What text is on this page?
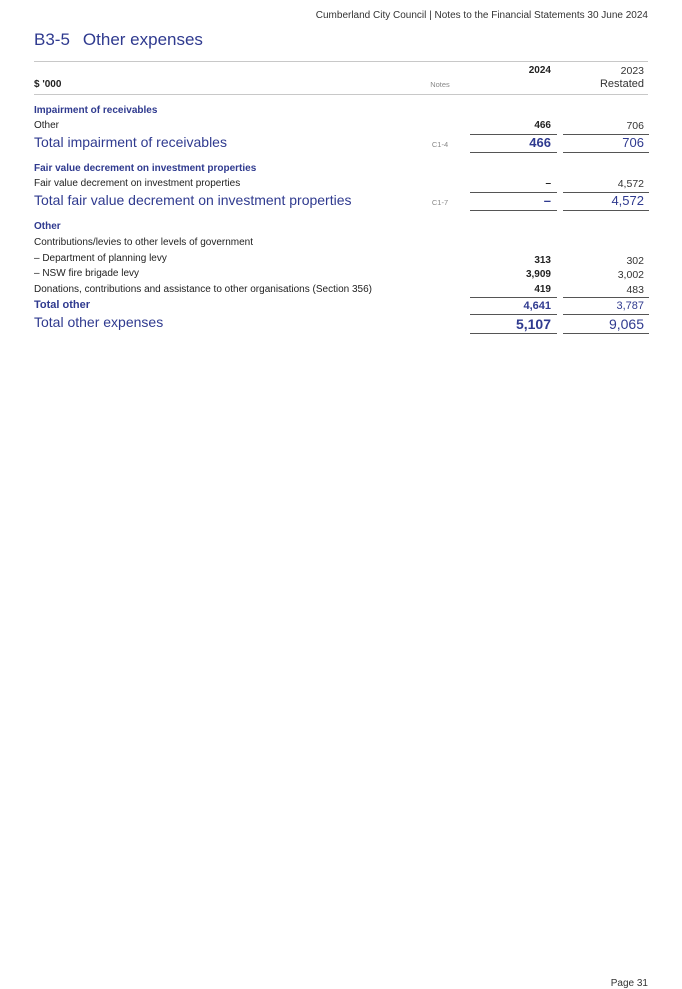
Cumberland City Council | Notes to the Financial Statements 30 June 2024
B3-5 Other expenses
2024	2023
$ '000	Notes	Restated
Impairment of receivables
Other	466	706
Total impairment of receivables	C1-4	466	706
Fair value decrement on investment properties
Fair value decrement on investment properties	–	4,572
Total fair value decrement on investment properties	C1-7	–	4,572
Other
Contributions/levies to other levels of government
– Department of planning levy	313	302
– NSW fire brigade levy	3,909	3,002
Donations, contributions and assistance to other organisations (Section 356)	419	483
Total other	4,641	3,787
Total other expenses	5,107	9,065
Page 31
